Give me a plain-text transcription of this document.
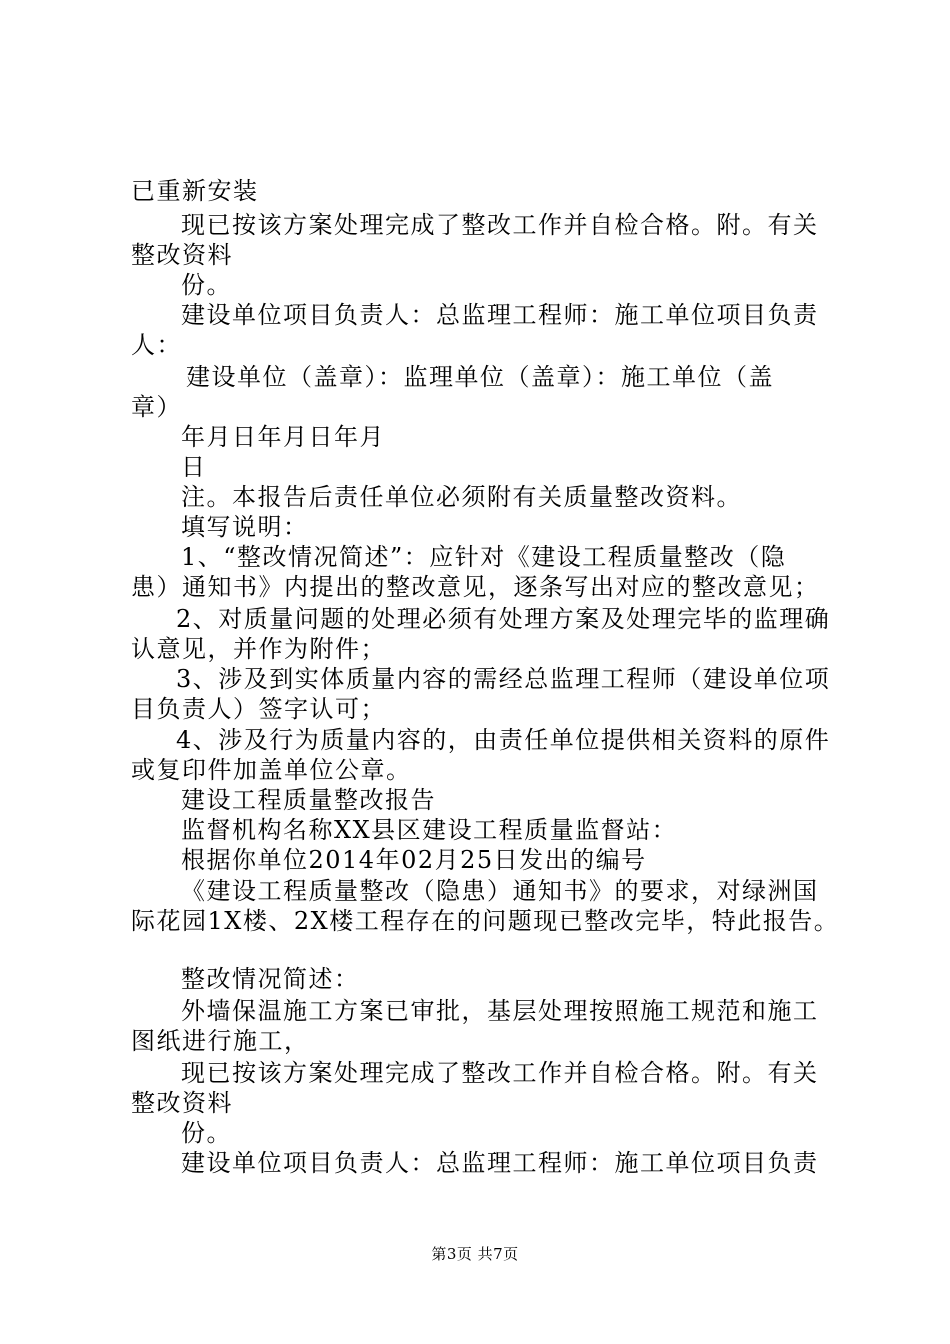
已重新安装
现已按该方案处理完成了整改工作并自检合格。附。有关
整改资料
份。
建设单位项目负责人：总监理工程师：施工单位项目负责
人：
建设单位（盖章）：监理单位（盖章）：施工单位（盖
章）
年月日年月日年月
日
注。本报告后责任单位必须附有关质量整改资料。
填写说明：
1、“整改情况简述”：应针对《建设工程质量整改（隐
患）通知书》内提出的整改意见，逐条写出对应的整改意见；
2、对质量问题的处理必须有处理方案及处理完毕的监理确
认意见，并作为附件；
3、涉及到实体质量内容的需经总监理工程师（建设单位项
目负责人）签字认可；
4、涉及行为质量内容的，由责任单位提供相关资料的原件
或复印件加盖单位公章。
建设工程质量整改报告
监督机构名称XX县区建设工程质量监督站：
根据你单位2014年02月25日发出的编号
《建设工程质量整改（隐患）通知书》的要求，对绿洲国
际花园1X楼、2X楼工程存在的问题现已整改完毕，特此报告。
整改情况简述：
外墙保温施工方案已审批，基层处理按照施工规范和施工
图纸进行施工，
现已按该方案处理完成了整改工作并自检合格。附。有关
整改资料
份。
建设单位项目负责人：总监理工程师：施工单位项目负责
第3页 共7页
